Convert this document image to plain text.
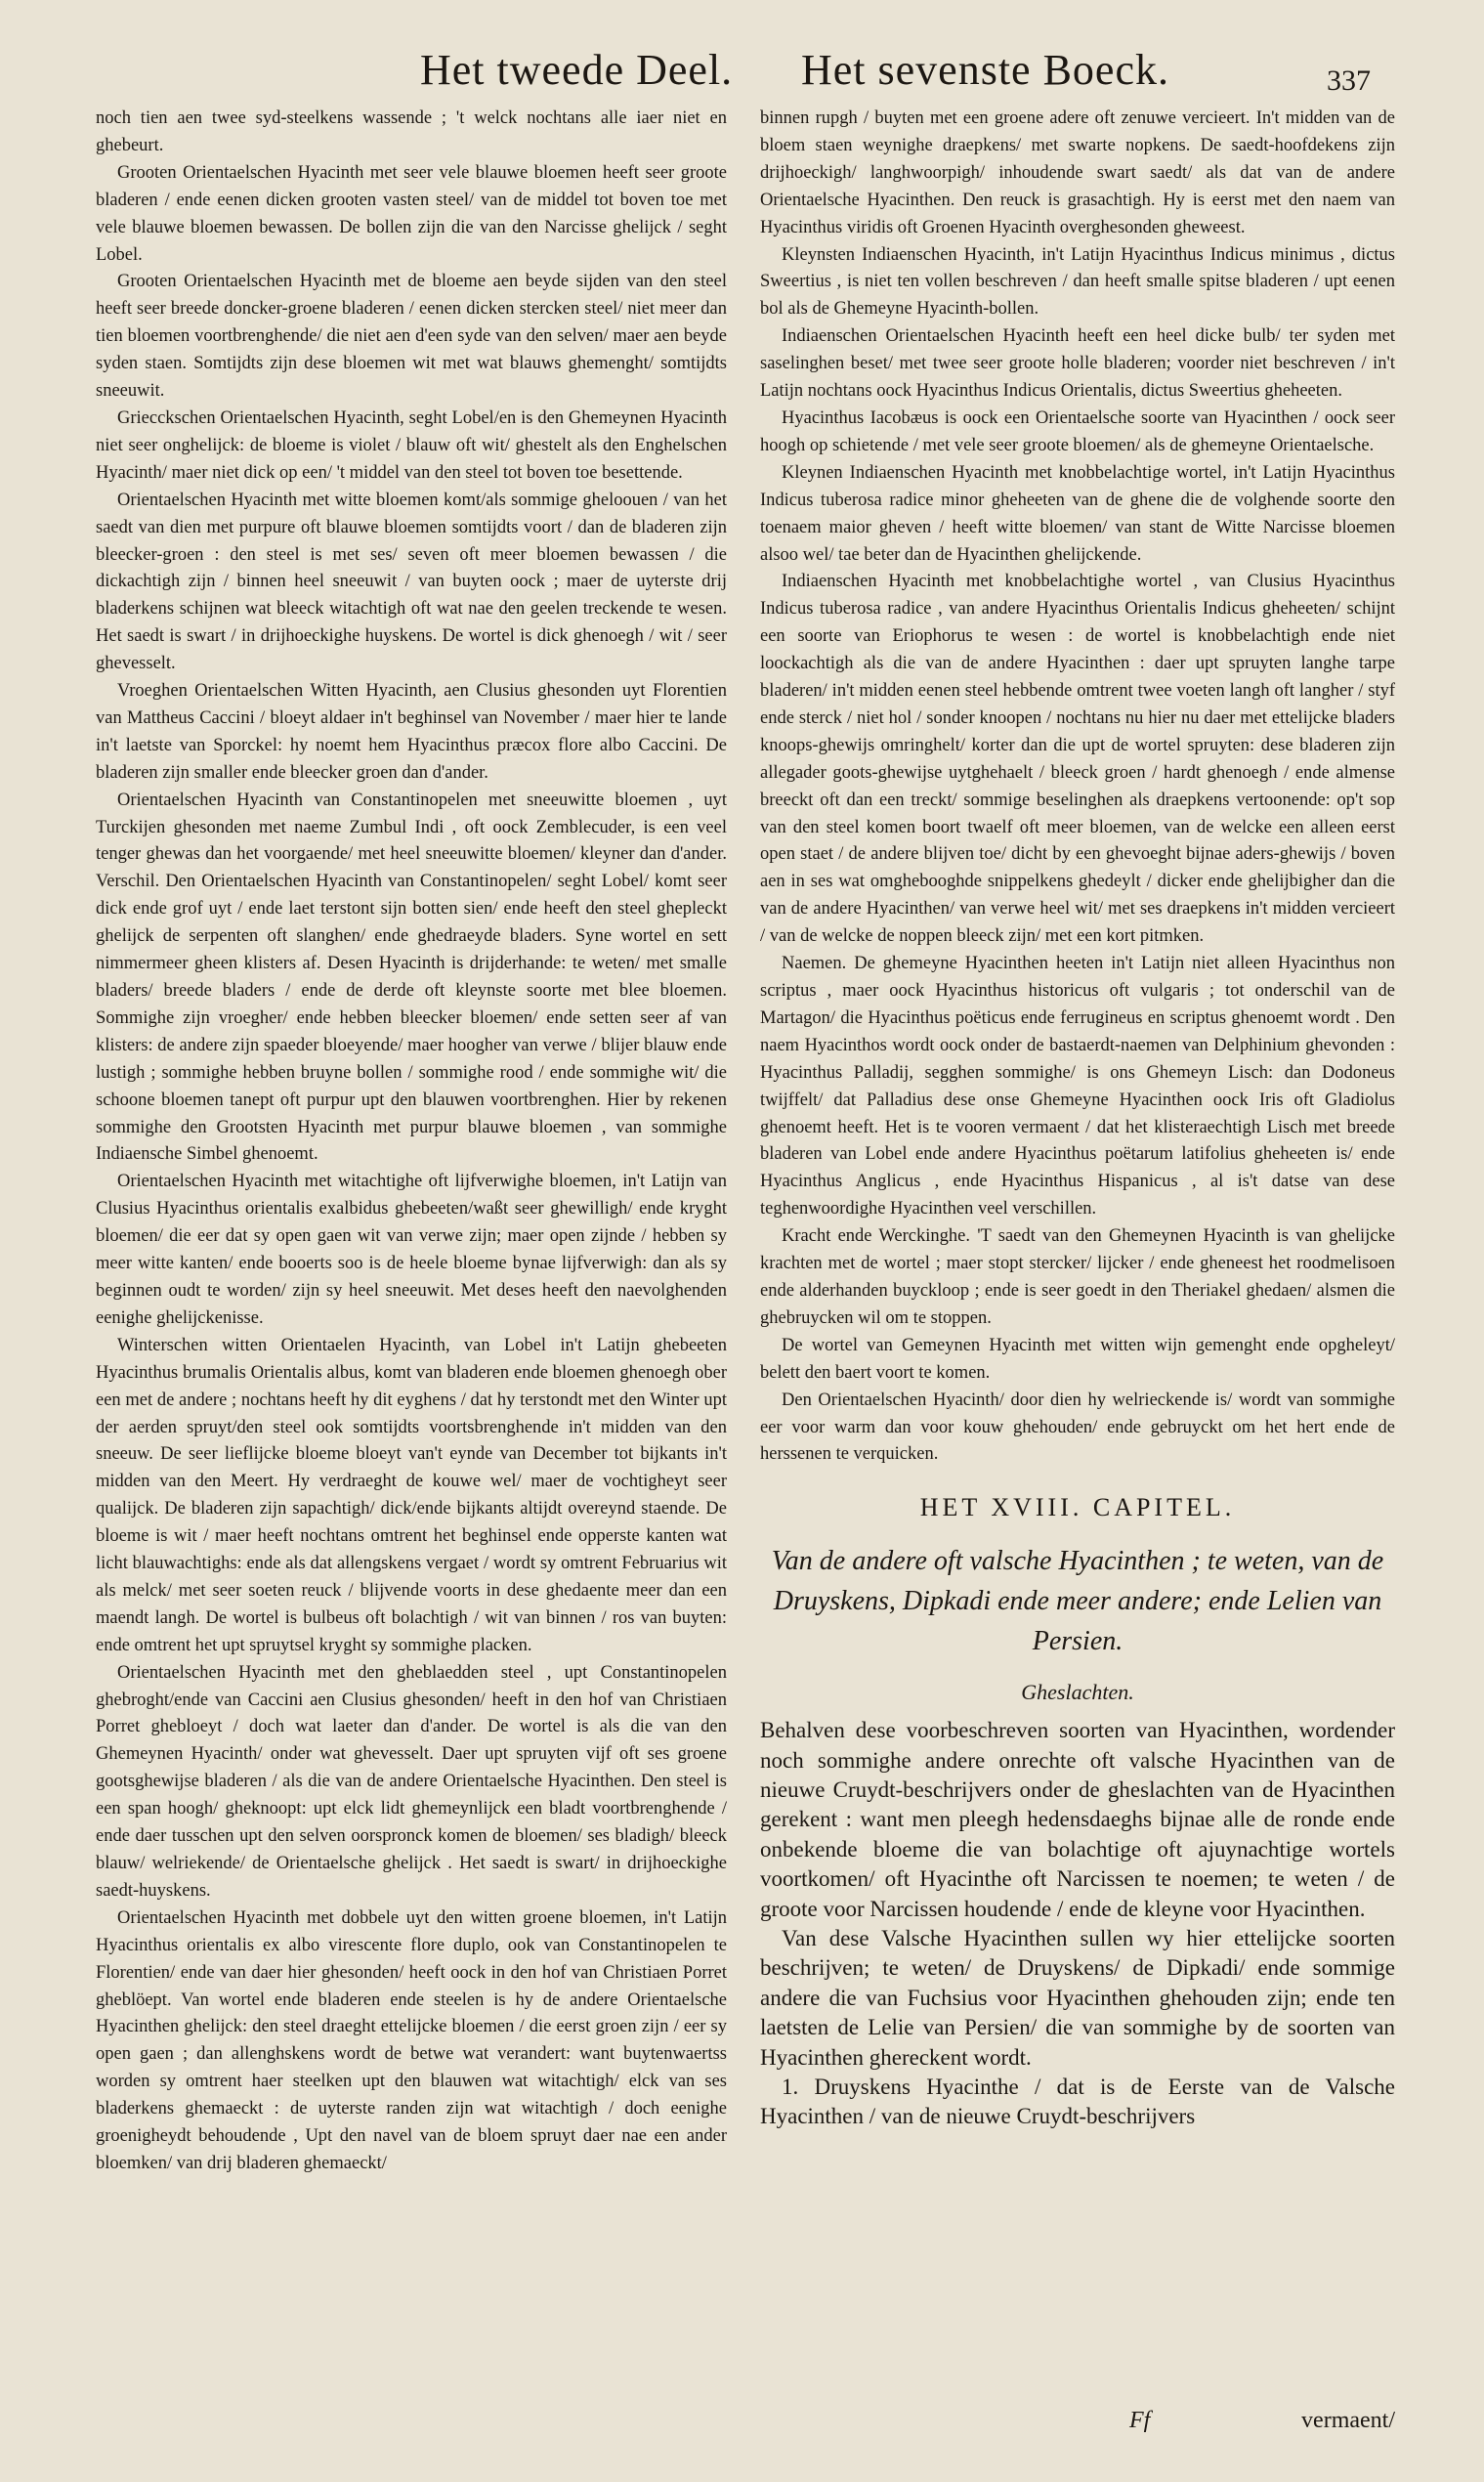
Het tweede Deel. Het sevenste Boeck.	337

noch tien aen twee syd-steelkens wassende ; 't welck nochtans alle iaer niet en ghebeurt.

Grooten Orientaelschen Hyacinth met seer vele blauwe bloemen heeft seer groote bladeren / ende eenen dicken grooten vasten steel/ van de middel tot boven toe met vele blauwe bloemen bewassen. De bollen zijn die van den Narcisse ghelijck / seght Lobel.

Grooten Orientaelschen Hyacinth met de bloeme aen beyde sijden van den steel heeft seer breede doncker-groene bladeren / eenen dicken stercken steel/ niet meer dan tien bloemen voortbrenghende/ die niet aen d'een syde van den selven/ maer aen beyde syden staen. Somtijdts zijn dese bloemen wit met wat blauws ghemenght/ somtijdts sneeuwit.

Griecckschen Orientaelschen Hyacinth, seght Lobel/en is den Ghemeynen Hyacinth niet seer onghelijck: de bloeme is violet / blauw oft wit/ ghestelt als den Enghelschen Hyacinth/ maer niet dick op een/ 't middel van den steel tot boven toe besettende.

Orientaelschen Hyacinth met witte bloemen komt/als sommige gheloouen / van het saedt van dien met purpure oft blauwe bloemen somtijdts voort / dan de bladeren zijn bleecker-groen : den steel is met ses/ seven oft meer bloemen bewassen / die dickachtigh zijn / binnen heel sneeuwit / van buyten oock ; maer de uyterste drij bladerkens schijnen wat bleeck witachtigh oft wat nae den geelen treckende te wesen. Het saedt is swart / in drijhoeckighe huyskens. De wortel is dick ghenoegh / wit / seer ghevesselt.

Vroeghen Orientaelschen Witten Hyacinth, aen Clusius ghesonden uyt Florentien van Mattheus Caccini / bloeyt aldaer in't beghinsel van November / maer hier te lande in't laetste van Sporckel: hy noemt hem Hyacinthus præcox flore albo Caccini. De bladeren zijn smaller ende bleecker groen dan d'ander.

Orientaelschen Hyacinth van Constantinopelen met sneeuwitte bloemen , uyt Turckijen ghesonden met naeme Zumbul Indi , oft oock Zemblecuder, is een veel tenger ghewas dan het voorgaende/ met heel sneeuwitte bloemen/ kleyner dan d'ander. Verschil. Den Orientaelschen Hyacinth van Constantinopelen/ seght Lobel/ komt seer dick ende grof uyt / ende laet terstont sijn botten sien/ ende heeft den steel ghepleckt ghelijck de serpenten oft slanghen/ ende ghedraeyde bladers. Syne wortel en sett nimmermeer gheen klisters af. Desen Hyacinth is drijderhande: te weten/ met smalle bladers/ breede bladers / ende de derde oft kleynste soorte met blee bloemen. Sommighe zijn vroegher/ ende hebben bleecker bloemen/ ende setten seer af van klisters: de andere zijn spaeder bloeyende/ maer hoogher van verwe / blijer blauw ende lustigh ; sommighe hebben bruyne bollen / sommighe rood / ende sommighe wit/ die schoone bloemen tanept oft purpur upt den blauwen voortbrenghen. Hier by rekenen sommighe den Grootsten Hyacinth met purpur blauwe bloemen , van sommighe Indiaensche Simbel ghenoemt.

Orientaelschen Hyacinth met witachtighe oft lijfverwighe bloemen, in't Latijn van Clusius Hyacinthus orientalis exalbidus ghebeeten/waßt seer ghewilligh/ ende kryght bloemen/ die eer dat sy open gaen wit van verwe zijn; maer open zijnde / hebben sy meer witte kanten/ ende booerts soo is de heele bloeme bynae lijfverwigh: dan als sy beginnen oudt te worden/ zijn sy heel sneeuwit. Met deses heeft den naevolghenden eenighe ghelijckenisse.

Winterschen witten Orientaelen Hyacinth, van Lobel in't Latijn ghebeeten Hyacinthus brumalis Orientalis albus, komt van bladeren ende bloemen ghenoegh ober een met de andere ; nochtans heeft hy dit eyghens / dat hy terstondt met den Winter upt der aerden spruyt/den steel ook somtijdts voortsbrenghende in't midden van den sneeuw. De seer lieflijcke bloeme bloeyt van't eynde van December tot bijkants in't midden van den Meert. Hy verdraeght de kouwe wel/ maer de vochtigheyt seer qualijck. De bladeren zijn sapachtigh/ dick/ende bijkants altijdt overeynd staende. De bloeme is wit / maer heeft nochtans omtrent het beghinsel ende opperste kanten wat licht blauwachtighs: ende als dat allengskens vergaet / wordt sy omtrent Februarius wit als melck/ met seer soeten reuck / blijvende voorts in dese ghedaente meer dan een maendt langh. De wortel is bulbeus oft bolachtigh / wit van binnen / ros van buyten: ende omtrent het upt spruytsel kryght sy sommighe placken.

Orientaelschen Hyacinth met den gheblaedden steel , upt Constantinopelen ghebroght/ende van Caccini aen Clusius ghesonden/ heeft in den hof van Christiaen Porret ghebloeyt / doch wat laeter dan d'ander. De wortel is als die van den Ghemeynen Hyacinth/ onder wat ghevesselt. Daer upt spruyten vijf oft ses groene gootsghewijse bladeren / als die van de andere Orientaelsche Hyacinthen. Den steel is een span hoogh/ gheknoopt: upt elck lidt ghemeynlijck een bladt voortbrenghende / ende daer tusschen upt den selven oorspronck komen de bloemen/ ses bladigh/ bleeck blauw/ welriekende/ de Orientaelsche ghelijck . Het saedt is swart/ in drijhoeckighe saedt-huyskens.

Orientaelschen Hyacinth met dobbele uyt den witten groene bloemen, in't Latijn Hyacinthus orientalis ex albo virescente flore duplo, ook van Constantinopelen te Florentien/ ende van daer hier ghesonden/ heeft oock in den hof van Christiaen Porret gheblöept. Van wortel ende bladeren ende steelen is hy de andere Orientaelsche Hyacinthen ghelijck: den steel draeght ettelijcke bloemen / die eerst groen zijn / eer sy open gaen ; dan allenghskens wordt de betwe wat verandert: want buytenwaertss worden sy omtrent haer steelken upt den blauwen wat witachtigh/ elck van ses bladerkens ghemaeckt : de uyterste randen zijn wat witachtigh / doch eenighe groenigheydt behoudende , Upt den navel van de bloem spruyt daer nae een ander bloemken/ van drij bladeren ghemaeckt/

binnen rupgh / buyten met een groene adere oft zenuwe vercieert. In't midden van de bloem staen weynighe draepkens/ met swarte nopkens. De saedt-hoofdekens zijn drijhoeckigh/ langhwoorpigh/ inhoudende swart saedt/ als dat van de andere Orientaelsche Hyacinthen. Den reuck is grasachtigh. Hy is eerst met den naem van Hyacinthus viridis oft Groenen Hyacinth overghesonden gheweest.

Kleynsten Indiaenschen Hyacinth, in't Latijn Hyacinthus Indicus minimus , dictus Sweertius , is niet ten vollen beschreven / dan heeft smalle spitse bladeren / upt eenen bol als de Ghemeyne Hyacinth-bollen.

Indiaenschen Orientaelschen Hyacinth heeft een heel dicke bulb/ ter syden met saselinghen beset/ met twee seer groote holle bladeren; voorder niet beschreven / in't Latijn nochtans oock Hyacinthus Indicus Orientalis, dictus Sweertius gheheeten.

Hyacinthus Iacobæus is oock een Orientaelsche soorte van Hyacinthen / oock seer hoogh op schietende / met vele seer groote bloemen/ als de ghemeyne Orientaelsche.

Kleynen Indiaenschen Hyacinth met knobbelachtige wortel, in't Latijn Hyacinthus Indicus tuberosa radice minor gheheeten van de ghene die de volghende soorte den toenaem maior gheven / heeft witte bloemen/ van stant de Witte Narcisse bloemen alsoo wel/ tae beter dan de Hyacinthen ghelijckende.

Indiaenschen Hyacinth met knobbelachtighe wortel , van Clusius Hyacinthus Indicus tuberosa radice , van andere Hyacinthus Orientalis Indicus gheheeten/ schijnt een soorte van Eriophorus te wesen : de wortel is knobbelachtigh ende niet loockachtigh als die van de andere Hyacinthen : daer upt spruyten langhe tarpe bladeren/ in't midden eenen steel hebbende omtrent twee voeten langh oft langher / styf ende sterck / niet hol / sonder knoopen / nochtans nu hier nu daer met ettelijcke bladers knoops-ghewijs omringhelt/ korter dan die upt de wortel spruyten: dese bladeren zijn allegader goots-ghewijse uytghehaelt / bleeck groen / hardt ghenoegh / ende almense breeckt oft dan een treckt/ sommige beselinghen als draepkens vertoonende: op't sop van den steel komen boort twaelf oft meer bloemen, van de welcke een alleen eerst open staet / de andere blijven toe/ dicht by een ghevoeght bijnae aders-ghewijs / boven aen in ses wat omghebooghde snippelkens ghedeylt / dicker ende ghelijbigher dan die van de andere Hyacinthen/ van verwe heel wit/ met ses draepkens in't midden vercieert / van de welcke de noppen bleeck zijn/ met een kort pitmken.

Naemen. De ghemeyne Hyacinthen heeten in't Latijn niet alleen Hyacinthus non scriptus , maer oock Hyacinthus historicus oft vulgaris ; tot onderschil van de Martagon/ die Hyacinthus poëticus ende ferrugineus en scriptus ghenoemt wordt . Den naem Hyacinthos wordt oock onder de bastaerdt-naemen van Delphinium ghevonden : Hyacinthus Palladij, segghen sommighe/ is ons Ghemeyn Lisch: dan Dodoneus twijffelt/ dat Palladius dese onse Ghemeyne Hyacinthen oock Iris oft Gladiolus ghenoemt heeft. Het is te vooren vermaent / dat het klisteraechtigh Lisch met breede bladeren van Lobel ende andere Hyacinthus poëtarum latifolius gheheeten is/ ende Hyacinthus Anglicus , ende Hyacinthus Hispanicus , al is't datse van dese teghenwoordighe Hyacinthen veel verschillen.

Kracht ende Werckinghe. 'T saedt van den Ghemeynen Hyacinth is van ghelijcke krachten met de wortel ; maer stopt stercker/ lijcker / ende gheneest het roodmelisoen ende alderhanden buyckloop ; ende is seer goedt in den Theriakel ghedaen/ alsmen die ghebruycken wil om te stoppen.

De wortel van Gemeynen Hyacinth met witten wijn gemenght ende opgheleyt/ belett den baert voort te komen.

Den Orientaelschen Hyacinth/ door dien hy welrieckende is/ wordt van sommighe eer voor warm dan voor kouw ghehouden/ ende gebruyckt om het hert ende de herssenen te verquicken.

HET XVIII. CAPITEL.
Van de andere oft valsche Hyacinthen ; te weten, van de Druyskens, Dipkadi ende meer andere; ende Lelien van Persien.
Gheslachten.

Behalven dese voorbeschreven soorten van Hyacinthen, wordender noch sommighe andere onrechte oft valsche Hyacinthen van de nieuwe Cruydt-beschrijvers onder de gheslachten van de Hyacinthen gerekent : want men pleegh hedensdaeghs bijnae alle de ronde ende onbekende bloeme die van bolachtige oft ajuynachtige wortels voortkomen/ oft Hyacinthe oft Narcissen te noemen; te weten / de groote voor Narcissen houdende / ende de kleyne voor Hyacinthen.

Van dese Valsche Hyacinthen sullen wy hier ettelijcke soorten beschrijven; te weten/ de Druyskens/ de Dipkadi/ ende sommige andere die van Fuchsius voor Hyacinthen ghehouden zijn; ende ten laetsten de Lelie van Persien/ die van sommighe by de soorten van Hyacinthen ghereckent wordt.

1. Druyskens Hyacinthe / dat is de Eerste van de Valsche Hyacinthen / van de nieuwe Cruydt-beschrijvers

Ff	vermaent/
